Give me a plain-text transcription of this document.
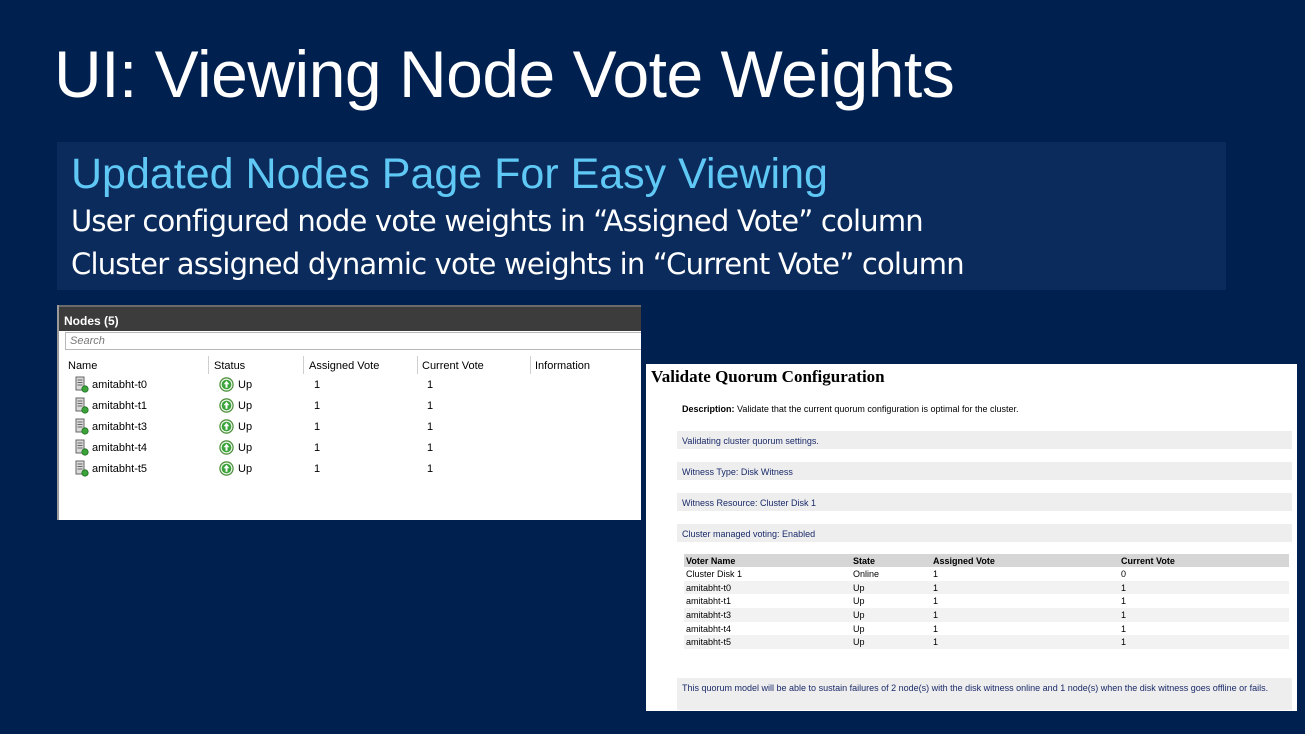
UI: Viewing Node Vote Weights
Updated Nodes Page For Easy Viewing
User configured node vote weights in “Assigned Vote” column
Cluster assigned dynamic vote weights in “Current Vote” column
Nodes (5)
Search
Name	Status	Assigned Vote	Current Vote	Information
amitabht-t0	Up	1	1
amitabht-t1	Up	1	1
amitabht-t3	Up	1	1
amitabht-t4	Up	1	1
amitabht-t5	Up	1	1
Validate Quorum Configuration
Description: Validate that the current quorum configuration is optimal for the cluster.
Validating cluster quorum settings.
Witness Type: Disk Witness
Witness Resource: Cluster Disk 1
Cluster managed voting: Enabled
Voter Name	State	Assigned Vote	Current Vote
Cluster Disk 1	Online	1	0
amitabht-t0	Up	1	1
amitabht-t1	Up	1	1
amitabht-t3	Up	1	1
amitabht-t4	Up	1	1
amitabht-t5	Up	1	1
This quorum model will be able to sustain failures of 2 node(s) with the disk witness online and 1 node(s) when the disk witness goes offline or fails.
